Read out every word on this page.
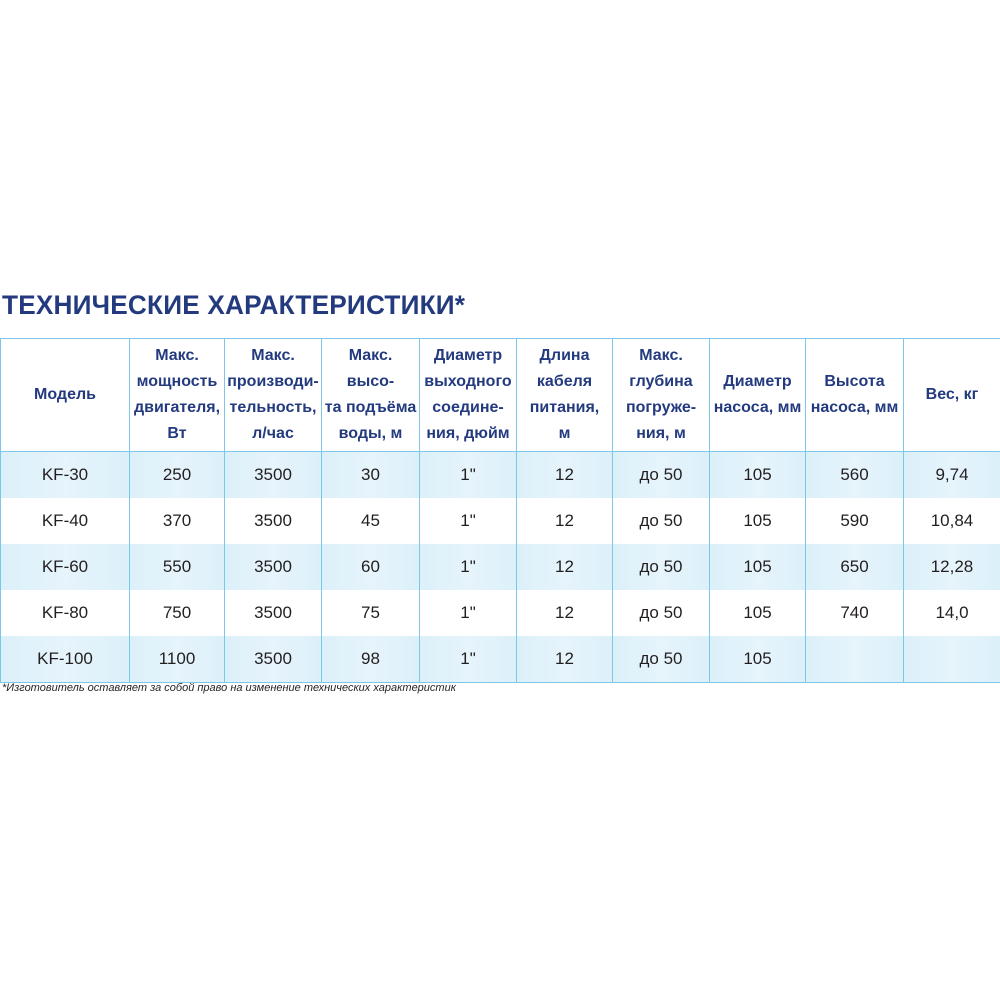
ТЕХНИЧЕСКИЕ ХАРАКТЕРИСТИКИ*
Модель	Макс.
мощность
двигателя,
Вт	Макс.
производи-
тельность,
л/час	Макс. высо-
та подъёма
воды, м	Диаметр
выходного
соедине-
ния, дюйм	Длина
кабеля
питания,
м	Макс.
глубина
погруже-
ния, м	Диаметр
насоса, мм	Высота
насоса, мм	Вес, кг
KF-30	250	3500	30	1"	12	до 50	105	560	9,74
KF-40	370	3500	45	1"	12	до 50	105	590	10,84
KF-60	550	3500	60	1"	12	до 50	105	650	12,28
KF-80	750	3500	75	1"	12	до 50	105	740	14,0
KF-100	1100	3500	98	1"	12	до 50	105		

*Изготовитель оставляет за собой право на изменение технических характеристик
